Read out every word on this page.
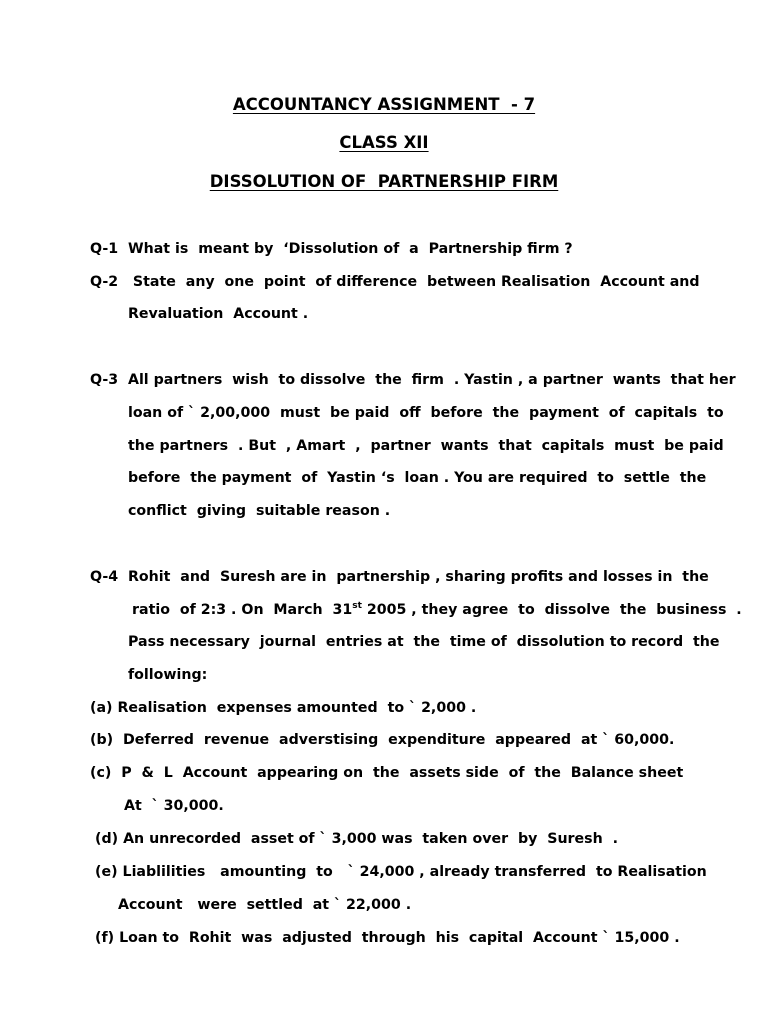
ACCOUNTANCY ASSIGNMENT  - 7
CLASS XII
DISSOLUTION OF  PARTNERSHIP FIRM
Q-1  What is  meant by  ‘Dissolution of  a  Partnership firm ?
Q-2   State  any  one  point  of difference  between Realisation  Account and
Revaluation  Account .
Q-3  All partners  wish  to dissolve  the  firm  . Yastin , a partner  wants  that her
loan of ` 2,00,000  must  be paid  off  before  the  payment  of  capitals  to
the partners  . But  , Amart  ,  partner  wants  that  capitals  must  be paid
before  the payment  of  Yastin ‘s  loan . You are required  to  settle  the
conflict  giving  suitable reason .
Q-4  Rohit  and  Suresh are in  partnership , sharing profits and losses in  the
ratio  of 2:3 . On  March  31st 2005 , they agree  to  dissolve  the  business  .
Pass necessary  journal  entries at  the  time of  dissolution to record  the
following:
(a) Realisation  expenses amounted  to ` 2,000 .
(b)  Deferred  revenue  adverstising  expenditure  appeared  at ` 60,000.
(c)  P  &  L  Account  appearing on  the  assets side  of  the  Balance sheet
At  ` 30,000.
(d) An unrecorded  asset of ` 3,000 was  taken over  by  Suresh  .
(e) Liablilities   amounting  to   ` 24,000 , already transferred  to Realisation
Account   were  settled  at ` 22,000 .
(f) Loan to  Rohit  was  adjusted  through  his  capital  Account ` 15,000 .
